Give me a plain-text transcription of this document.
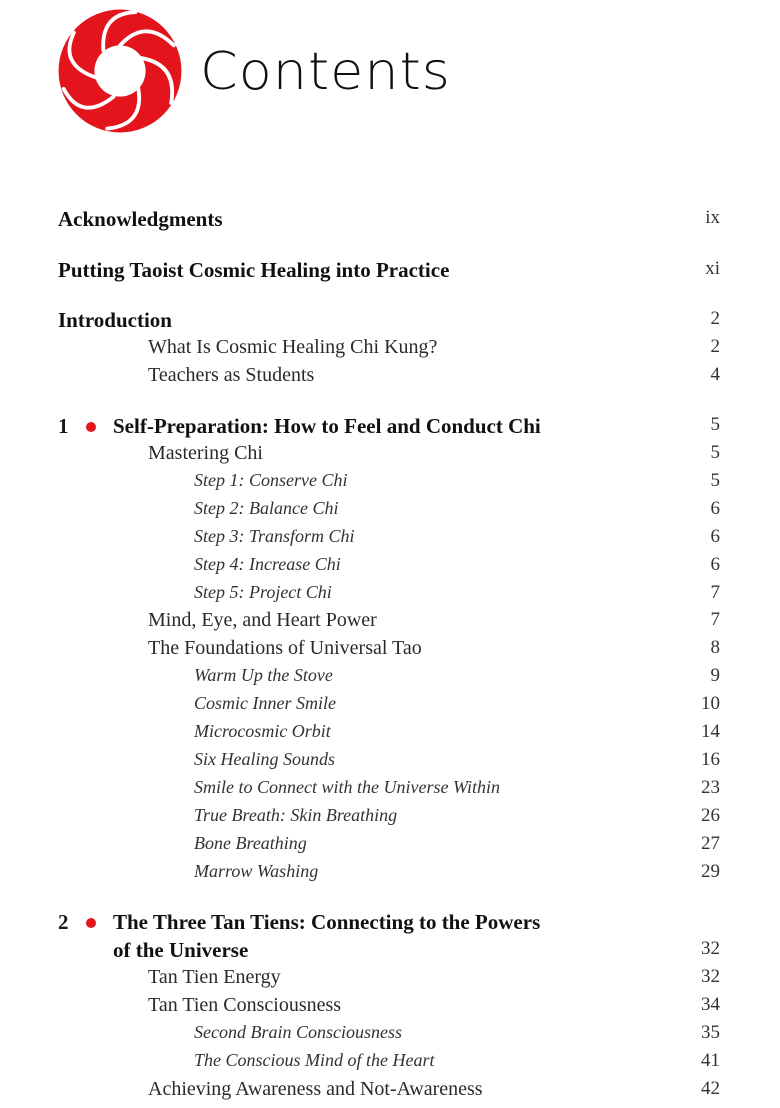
Contents
Acknowledgments	ix
Putting Taoist Cosmic Healing into Practice	xi
Introduction	2
What Is Cosmic Healing Chi Kung?	2
Teachers as Students	4
1 Self-Preparation: How to Feel and Conduct Chi	5
Mastering Chi	5
Step 1: Conserve Chi	5
Step 2: Balance Chi	6
Step 3: Transform Chi	6
Step 4: Increase Chi	6
Step 5: Project Chi	7
Mind, Eye, and Heart Power	7
The Foundations of Universal Tao	8
Warm Up the Stove	9
Cosmic Inner Smile	10
Microcosmic Orbit	14
Six Healing Sounds	16
Smile to Connect with the Universe Within	23
True Breath: Skin Breathing	26
Bone Breathing	27
Marrow Washing	29
2 The Three Tan Tiens: Connecting to the Powers
of the Universe	32
Tan Tien Energy	32
Tan Tien Consciousness	34
Second Brain Consciousness	35
The Conscious Mind of the Heart	41
Achieving Awareness and Not-Awareness	42
